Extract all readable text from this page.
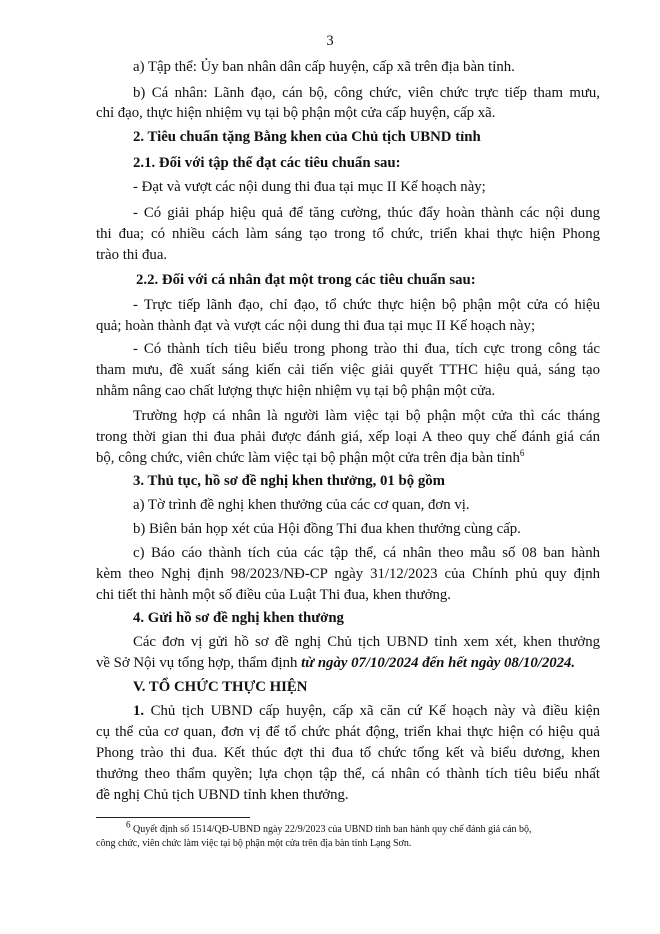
3
a) Tập thể: Ủy ban nhân dân cấp huyện, cấp xã trên địa bàn tỉnh.
b) Cá nhân: Lãnh đạo, cán bộ, công chức, viên chức trực tiếp tham mưu,
chỉ đạo, thực hiện nhiệm vụ tại bộ phận một cửa cấp huyện, cấp xã.
2. Tiêu chuẩn tặng Bằng khen của Chủ tịch UBND tỉnh
2.1. Đối với tập thể đạt các tiêu chuẩn sau:
- Đạt và vượt các nội dung thi đua tại mục II Kế hoạch này;
- Có giải pháp hiệu quả để tăng cường, thúc đẩy hoàn thành các nội dung
thi đua; có nhiều cách làm sáng tạo trong tổ chức, triển khai thực hiện Phong
trào thi đua.
2.2. Đối với cá nhân đạt một trong các tiêu chuẩn sau:
- Trực tiếp lãnh đạo, chỉ đạo, tổ chức thực hiện bộ phận một cửa có hiệu
quả; hoàn thành đạt và vượt các nội dung thi đua tại mục II Kế hoạch này;
- Có thành tích tiêu biểu trong phong trào thi đua, tích cực trong công tác
tham mưu, đề xuất sáng kiến cải tiến việc giải quyết TTHC hiệu quả, sáng tạo
nhằm nâng cao chất lượng thực hiện nhiệm vụ tại bộ phận một cửa.
Trường hợp cá nhân là người làm việc tại bộ phận một cửa thì các tháng
trong thời gian thi đua phải được đánh giá, xếp loại A theo quy chế đánh giá cán
bộ, công chức, viên chức làm việc tại bộ phận một cửa trên địa bàn tỉnh$^6$
3. Thủ tục, hồ sơ đề nghị khen thưởng, 01 bộ gồm
a) Tờ trình đề nghị khen thưởng của các cơ quan, đơn vị.
b) Biên bản họp xét của Hội đồng Thi đua khen thưởng cùng cấp.
c) Báo cáo thành tích của các tập thể, cá nhân theo mẫu số 08 ban hành
kèm theo Nghị định 98/2023/NĐ-CP ngày 31/12/2023 của Chính phủ quy định
chi tiết thi hành một số điều của Luật Thi đua, khen thưởng.
4. Gửi hồ sơ đề nghị khen thưởng
Các đơn vị gửi hồ sơ đề nghị Chủ tịch UBND tỉnh xem xét, khen thưởng
về Sở Nội vụ tổng hợp, thẩm định từ ngày 07/10/2024 đến hết ngày 08/10/2024.
V. TỔ CHỨC THỰC HIỆN
1. Chủ tịch UBND cấp huyện, cấp xã căn cứ Kế hoạch này và điều kiện
cụ thể của cơ quan, đơn vị để tổ chức phát động, triển khai thực hiện có hiệu quả
Phong trào thi đua. Kết thúc đợt thi đua tổ chức tổng kết và biểu dương, khen
thưởng theo thẩm quyền; lựa chọn tập thể, cá nhân có thành tích tiêu biểu nhất
đề nghị Chủ tịch UBND tỉnh khen thưởng.
$^6$ Quyết định số 1514/QĐ-UBND ngày 22/9/2023 của UBND tỉnh ban hành quy chế đánh giá cán bộ,
công chức, viên chức làm việc tại bộ phận một cửa trên địa bàn tỉnh Lạng Sơn.
